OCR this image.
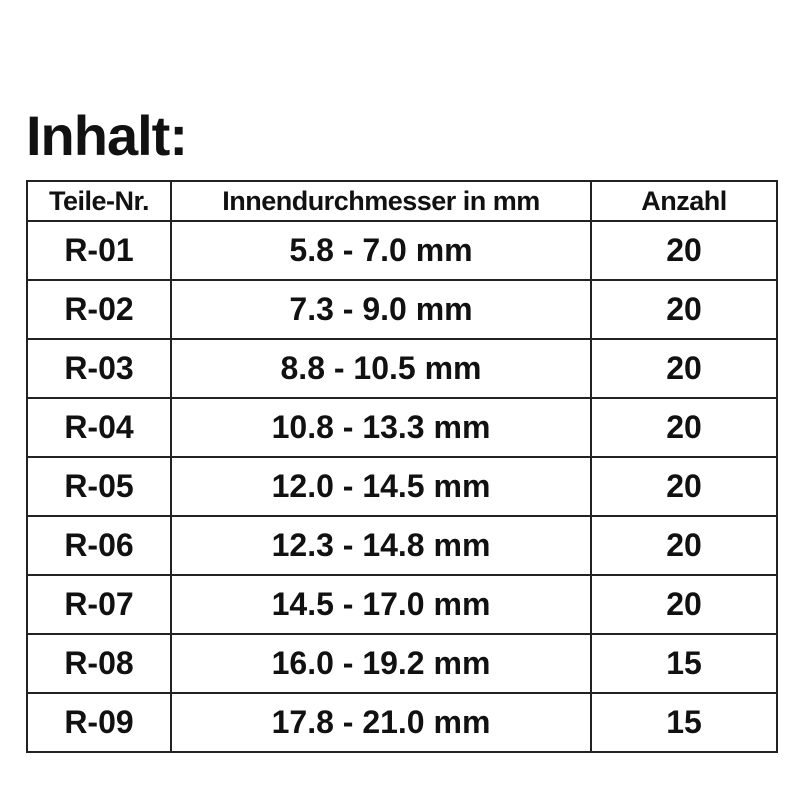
Inhalt:
Teile-Nr.	Innendurchmesser in mm	Anzahl
R-01	5.8 - 7.0 mm	20
R-02	7.3 - 9.0 mm	20
R-03	8.8 - 10.5 mm	20
R-04	10.8 - 13.3 mm	20
R-05	12.0 - 14.5 mm	20
R-06	12.3 - 14.8 mm	20
R-07	14.5 - 17.0 mm	20
R-08	16.0 - 19.2 mm	15
R-09	17.8 - 21.0 mm	15
